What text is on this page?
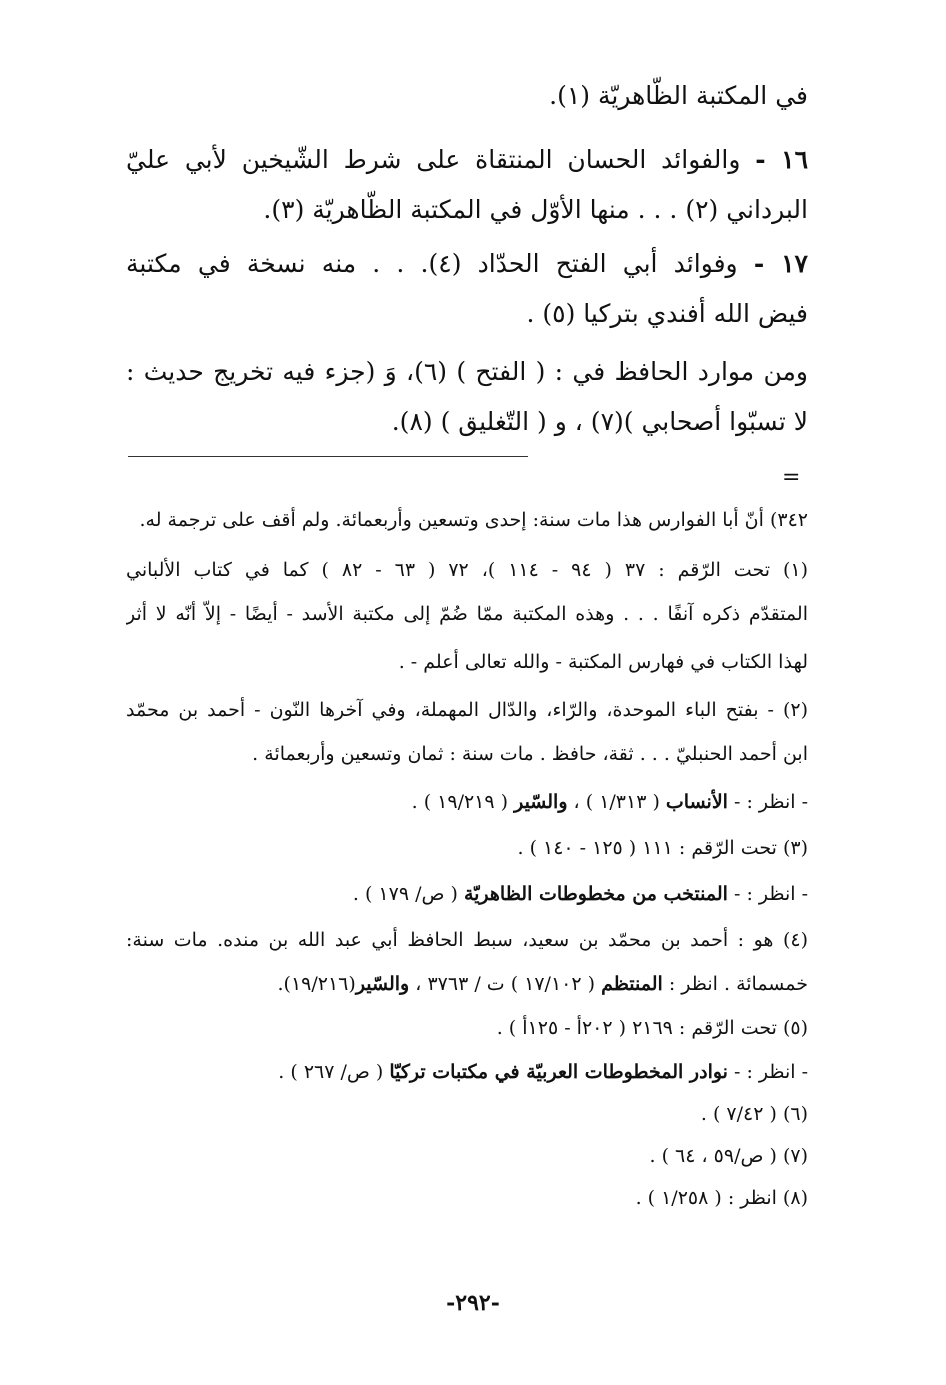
في المكتبة الظّاهريّة (١).
١٦ - والفوائد الحسان المنتقاة على شرط الشّيخين لأبي عليّ
البرداني (٢) . . . منها الأوّل في المكتبة الظّاهريّة (٣).
١٧ - وفوائد أبي الفتح الحدّاد (٤). . . منه نسخة في مكتبة
فيض الله أفندي بتركيا (٥) .
ومن موارد الحافظ في : ( الفتح ) (٦)، وَ (جزء فيه تخريج حديث :
لا تسبّوا أصحابي )(٧) ، و ( التّغليق ) (٨).
=
٣٤٢) أنّ أبا الفوارس هذا مات سنة: إحدى وتسعين وأربعمائة. ولم أقف على ترجمة له.
(١) تحت الرّقم : ٣٧ ( ٩٤ - ١١٤ )، ٧٢ ( ٦٣ - ٨٢ ) كما في كتاب الألباني
المتقدّم ذكره آنفًا . . . وهذه المكتبة ممّا ضُمّ إلى مكتبة الأسد - أيضًا - إلاّ أنّه لا أثر
لهذا الكتاب في فهارس المكتبة - والله تعالى أعلم - .
(٢) - بفتح الباء الموحدة، والرّاء، والدّال المهملة، وفي آخرها النّون - أحمد بن محمّد
ابن أحمد الحنبليّ . . . ثقة، حافظ . مات سنة : ثمان وتسعين وأربعمائة .
- انظر : - الأنساب ( ١/٣١٣ ) ، والسّير ( ١٩/٢١٩ ) .
(٣) تحت الرّقم : ١١١ ( ١٢٥ - ١٤٠ ) .
- انظر : - المنتخب من مخطوطات الظاهريّة ( ص/ ١٧٩ ) .
(٤) هو : أحمد بن محمّد بن سعيد، سبط الحافظ أبي عبد الله بن منده. مات سنة:
خمسمائة . انظر : المنتظم ( ١٧/١٠٢ ) ت / ٣٧٦٣ ، والسّير(١٩/٢١٦).
(٥) تحت الرّقم : ٢١٦٩ ( ٢٠٢أ - ١٢٥أ ) .
- انظر : - نوادر المخطوطات العربيّة في مكتبات تركيّا ( ص/ ٢٦٧ ) .
(٦) ( ٧/٤٢ ) .
(٧) ( ص/٥٩ ، ٦٤ ) .
(٨) انظر : ( ١/٢٥٨ ) .
-٢٩٢-
